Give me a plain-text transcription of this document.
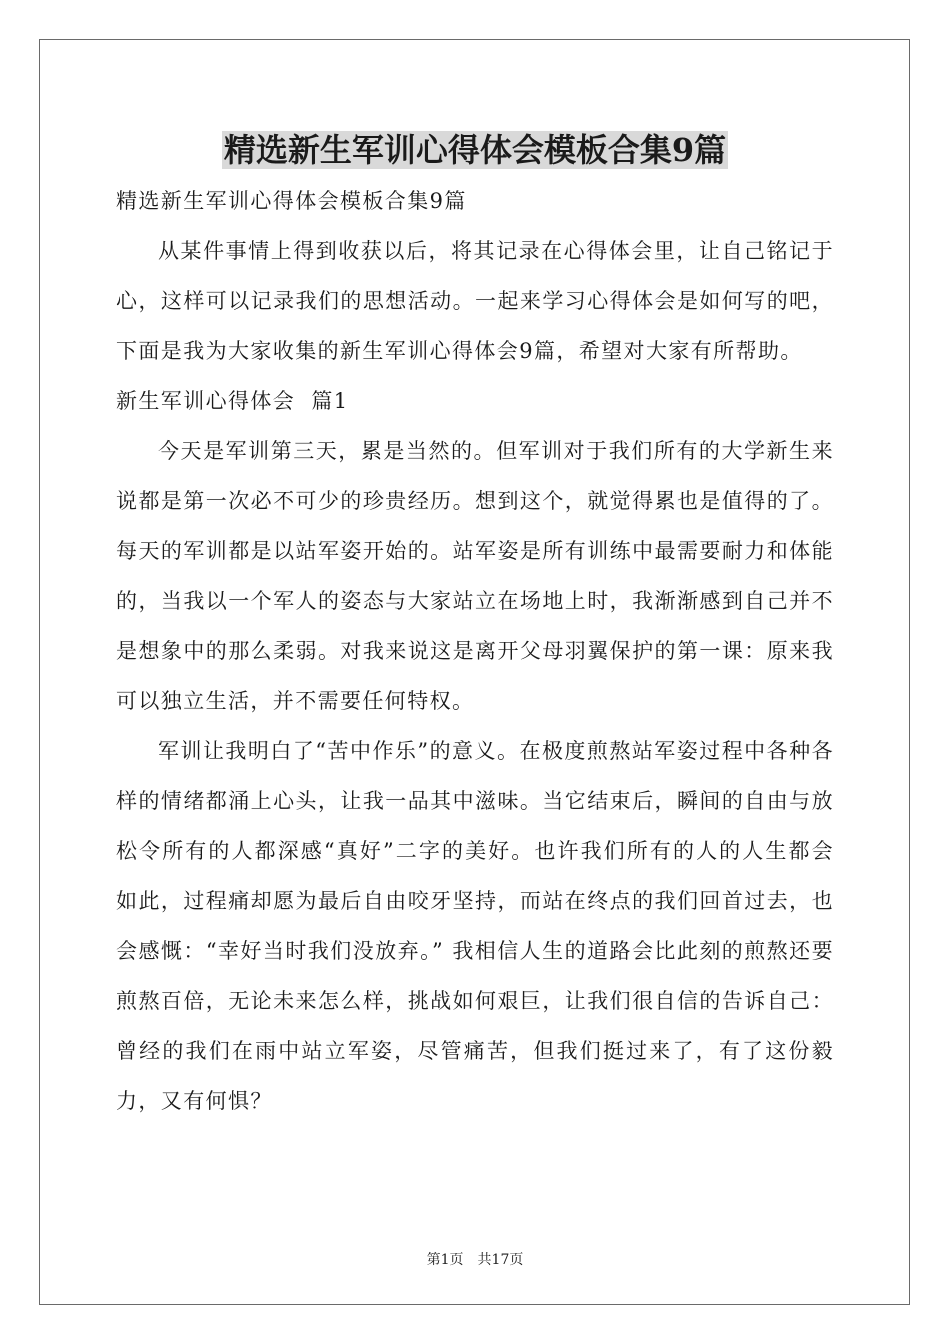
精选新生军训心得体会模板合集9篇

精选新生军训心得体会模板合集9篇

从某件事情上得到收获以后，将其记录在心得体会里，让自己铭记于心，这样可以记录我们的思想活动。一起来学习心得体会是如何写的吧，下面是我为大家收集的新生军训心得体会9篇，希望对大家有所帮助。

新生军训心得体会  篇1

今天是军训第三天，累是当然的。但军训对于我们所有的大学新生来说都是第一次必不可少的珍贵经历。想到这个，就觉得累也是值得的了。每天的军训都是以站军姿开始的。站军姿是所有训练中最需要耐力和体能的，当我以一个军人的姿态与大家站立在场地上时，我渐渐感到自己并不是想象中的那么柔弱。对我来说这是离开父母羽翼保护的第一课：原来我可以独立生活，并不需要任何特权。

军训让我明白了“苦中作乐”的意义。在极度煎熬站军姿过程中各种各样的情绪都涌上心头，让我一品其中滋味。当它结束后，瞬间的自由与放松令所有的人都深感“真好”二字的美好。也许我们所有的人的人生都会如此，过程痛却愿为最后自由咬牙坚持，而站在终点的我们回首过去，也会感慨：“幸好当时我们没放弃。” 我相信人生的道路会比此刻的煎熬还要煎熬百倍，无论未来怎么样，挑战如何艰巨，让我们很自信的告诉自己：曾经的我们在雨中站立军姿，尽管痛苦，但我们挺过来了，有了这份毅力，又有何惧？

第1页 共17页
